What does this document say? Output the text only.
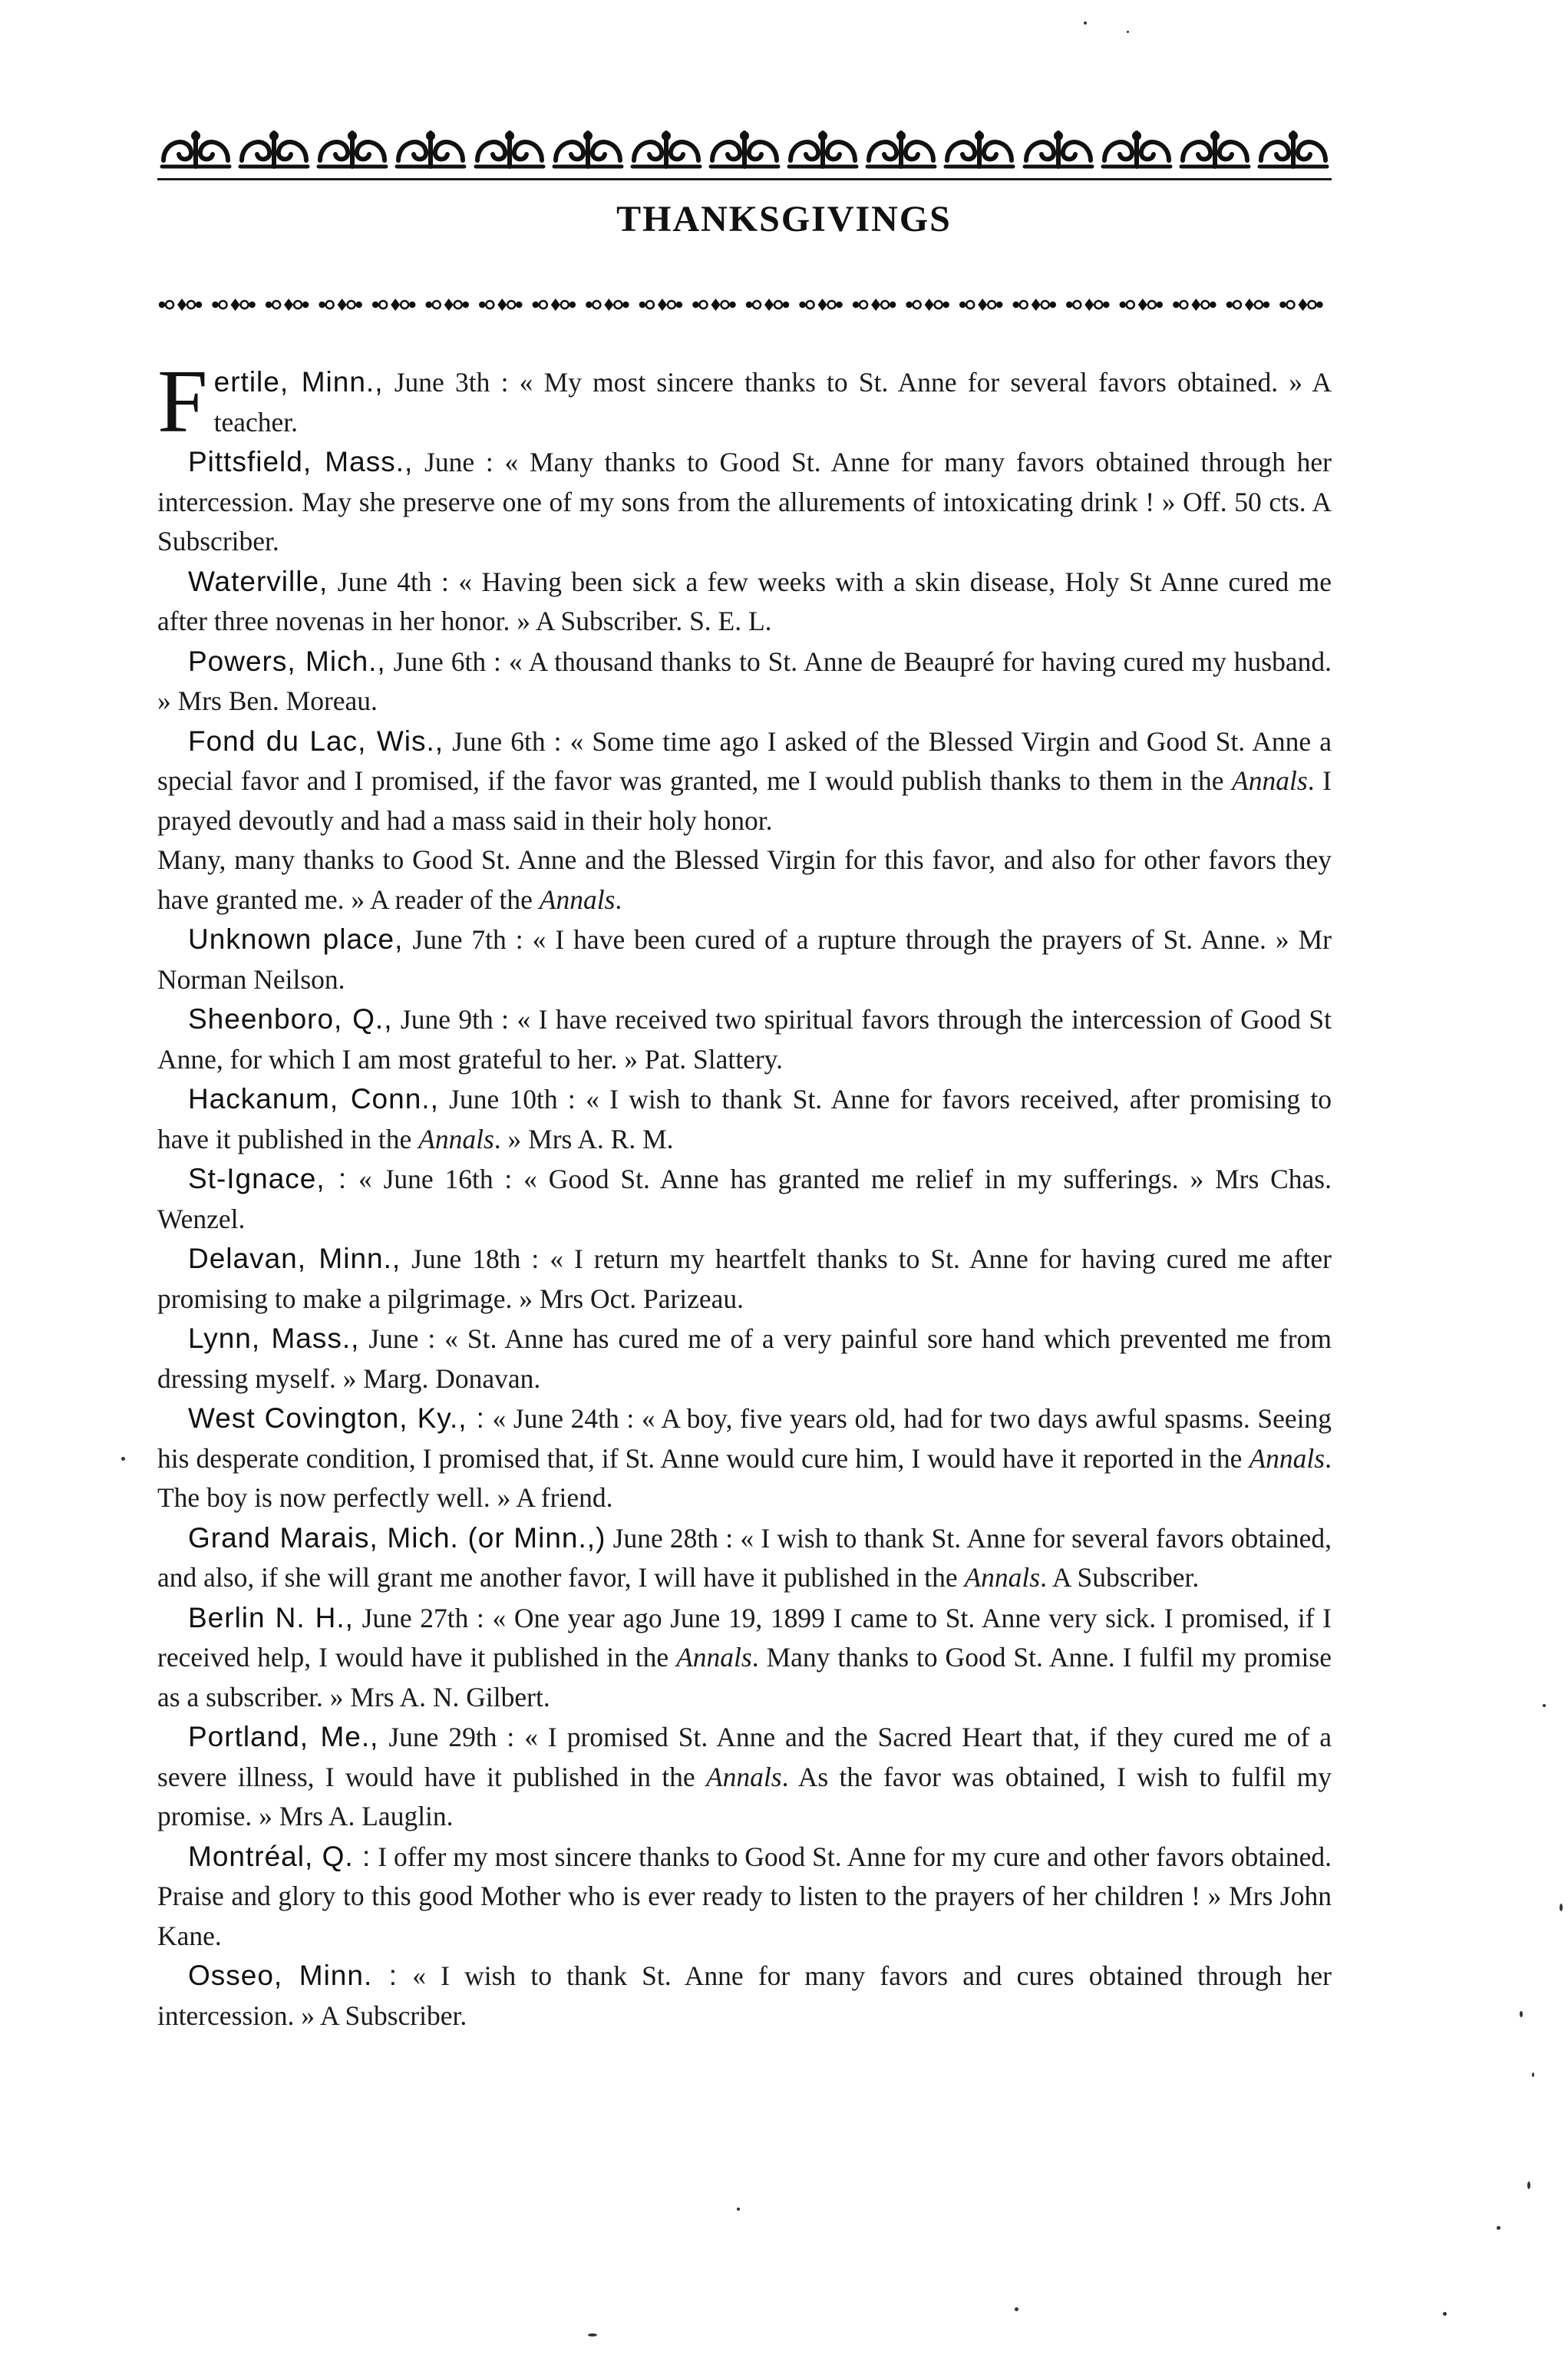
THANKSGIVINGS

Fertile, Minn., June 3th : « My most sincere thanks to St. Anne for several favors obtained. » A teacher.

Pittsfield, Mass., June : « Many thanks to Good St. Anne for many favors obtained through her intercession. May she preserve one of my sons from the allurements of intoxicating drink ! » Off. 50 cts. A Subscriber.

Waterville, June 4th : « Having been sick a few weeks with a skin disease, Holy St Anne cured me after three novenas in her honor. » A Subscriber. S. E. L.

Powers, Mich., June 6th : « A thousand thanks to St. Anne de Beaupré for having cured my husband. » Mrs Ben. Moreau.

Fond du Lac, Wis., June 6th : « Some time ago I asked of the Blessed Virgin and Good St. Anne a special favor and I promised, if the favor was granted, me I would publish thanks to them in the Annals. I prayed devoutly and had a mass said in their holy honor.

Many, many thanks to Good St. Anne and the Blessed Virgin for this favor, and also for other favors they have granted me. » A reader of the Annals.

Unknown place, June 7th : « I have been cured of a rupture through the prayers of St. Anne. » Mr Norman Neilson.

Sheenboro, Q., June 9th : « I have received two spiritual favors through the intercession of Good St Anne, for which I am most grateful to her. » Pat. Slattery.

Hackanum, Conn., June 10th : « I wish to thank St. Anne for favors received, after promising to have it published in the Annals. » Mrs A. R. M.

St-Ignace, : « June 16th : « Good St. Anne has granted me relief in my sufferings. » Mrs Chas. Wenzel.

Delavan, Minn., June 18th : « I return my heartfelt thanks to St. Anne for having cured me after promising to make a pilgrimage. » Mrs Oct. Parizeau.

Lynn, Mass., June : « St. Anne has cured me of a very painful sore hand which prevented me from dressing myself. » Marg. Donavan.

West Covington, Ky., : « June 24th : « A boy, five years old, had for two days awful spasms. Seeing his desperate condition, I promised that, if St. Anne would cure him, I would have it reported in the Annals. The boy is now perfectly well. » A friend.

Grand Marais, Mich. (or Minn.,) June 28th : « I wish to thank St. Anne for several favors obtained, and also, if she will grant me another favor, I will have it published in the Annals. A Subscriber.

Berlin N. H., June 27th : « One year ago June 19, 1899 I came to St. Anne very sick. I promised, if I received help, I would have it published in the Annals. Many thanks to Good St. Anne. I fulfil my promise as a subscriber. » Mrs A. N. Gilbert.

Portland, Me., June 29th : « I promised St. Anne and the Sacred Heart that, if they cured me of a severe illness, I would have it published in the Annals. As the favor was obtained, I wish to fulfil my promise. » Mrs A. Lauglin.

Montréal, Q. : I offer my most sincere thanks to Good St. Anne for my cure and other favors obtained. Praise and glory to this good Mother who is ever ready to listen to the prayers of her children ! » Mrs John Kane.

Osseo, Minn. : « I wish to thank St. Anne for many favors and cures obtained through her intercession. » A Subscriber.
